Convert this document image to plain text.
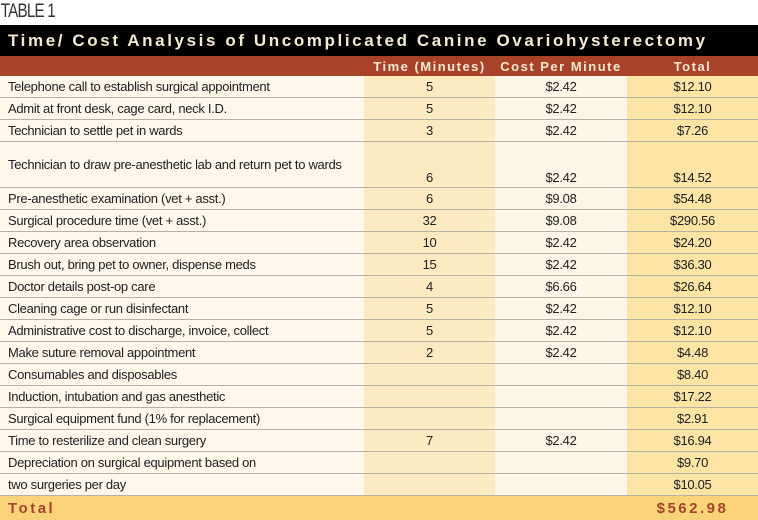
TABLE 1
Time/ Cost Analysis of Uncomplicated Canine Ovariohysterectomy
	Time (Minutes)	Cost Per Minute	Total
Telephone call to establish surgical appointment	5	$2.42	$12.10
Admit at front desk, cage card, neck I.D.	5	$2.42	$12.10
Technician to settle pet in wards	3	$2.42	$7.26
Technician to draw pre-anesthetic lab and return pet to wards	6	$2.42	$14.52
Pre-anesthetic examination (vet + asst.)	6	$9.08	$54.48
Surgical procedure time (vet + asst.)	32	$9.08	$290.56
Recovery area observation	10	$2.42	$24.20
Brush out, bring pet to owner, dispense meds	15	$2.42	$36.30
Doctor details post-op care	4	$6.66	$26.64
Cleaning cage or run disinfectant	5	$2.42	$12.10
Administrative cost to discharge, invoice, collect	5	$2.42	$12.10
Make suture removal appointment	2	$2.42	$4.48
Consumables and disposables			$8.40
Induction, intubation and gas anesthetic			$17.22
Surgical equipment fund (1% for replacement)			$2.91
Time to resterilize and clean surgery	7	$2.42	$16.94
Depreciation on surgical equipment based on			$9.70
two surgeries per day			$10.05
Total			$562.98
